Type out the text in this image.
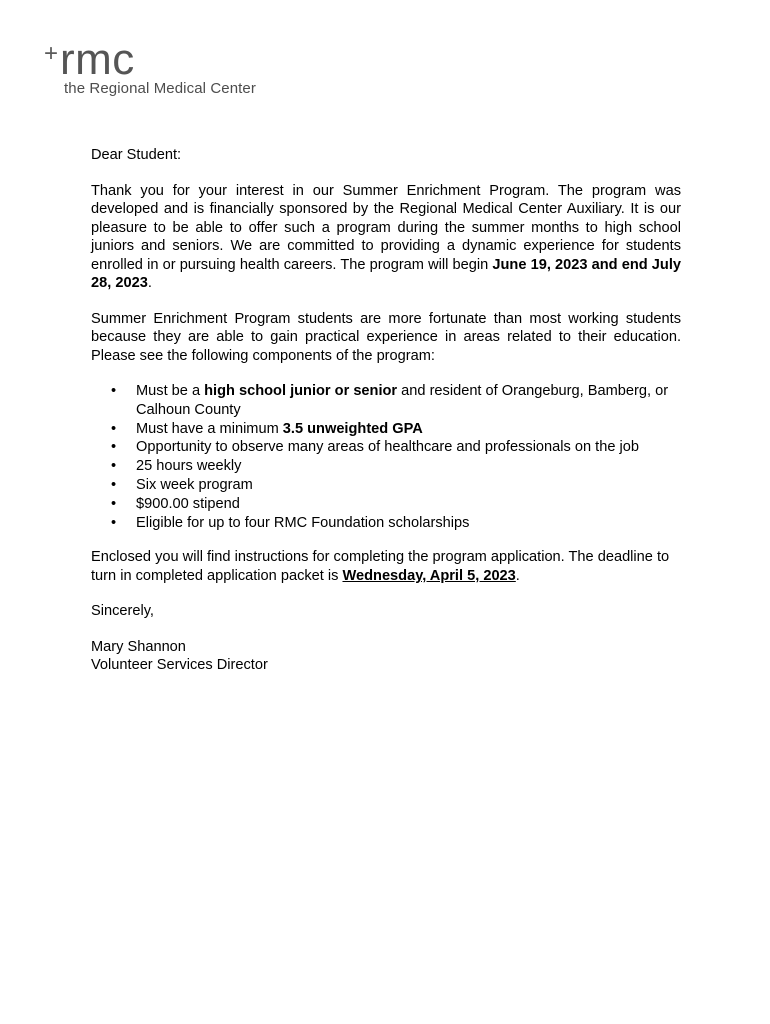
+ rmc
the Regional Medical Center

Dear Student:

Thank you for your interest in our Summer Enrichment Program. The program was developed and is financially sponsored by the Regional Medical Center Auxiliary. It is our pleasure to be able to offer such a program during the summer months to high school juniors and seniors. We are committed to providing a dynamic experience for students enrolled in or pursuing health careers. The program will begin June 19, 2023 and end July 28, 2023.

Summer Enrichment Program students are more fortunate than most working students because they are able to gain practical experience in areas related to their education. Please see the following components of the program:

• Must be a high school junior or senior and resident of Orangeburg, Bamberg, or Calhoun County
• Must have a minimum 3.5 unweighted GPA
• Opportunity to observe many areas of healthcare and professionals on the job
• 25 hours weekly
• Six week program
• $900.00 stipend
• Eligible for up to four RMC Foundation scholarships

Enclosed you will find instructions for completing the program application. The deadline to turn in completed application packet is Wednesday, April 5, 2023.

Sincerely,

Mary Shannon
Volunteer Services Director
